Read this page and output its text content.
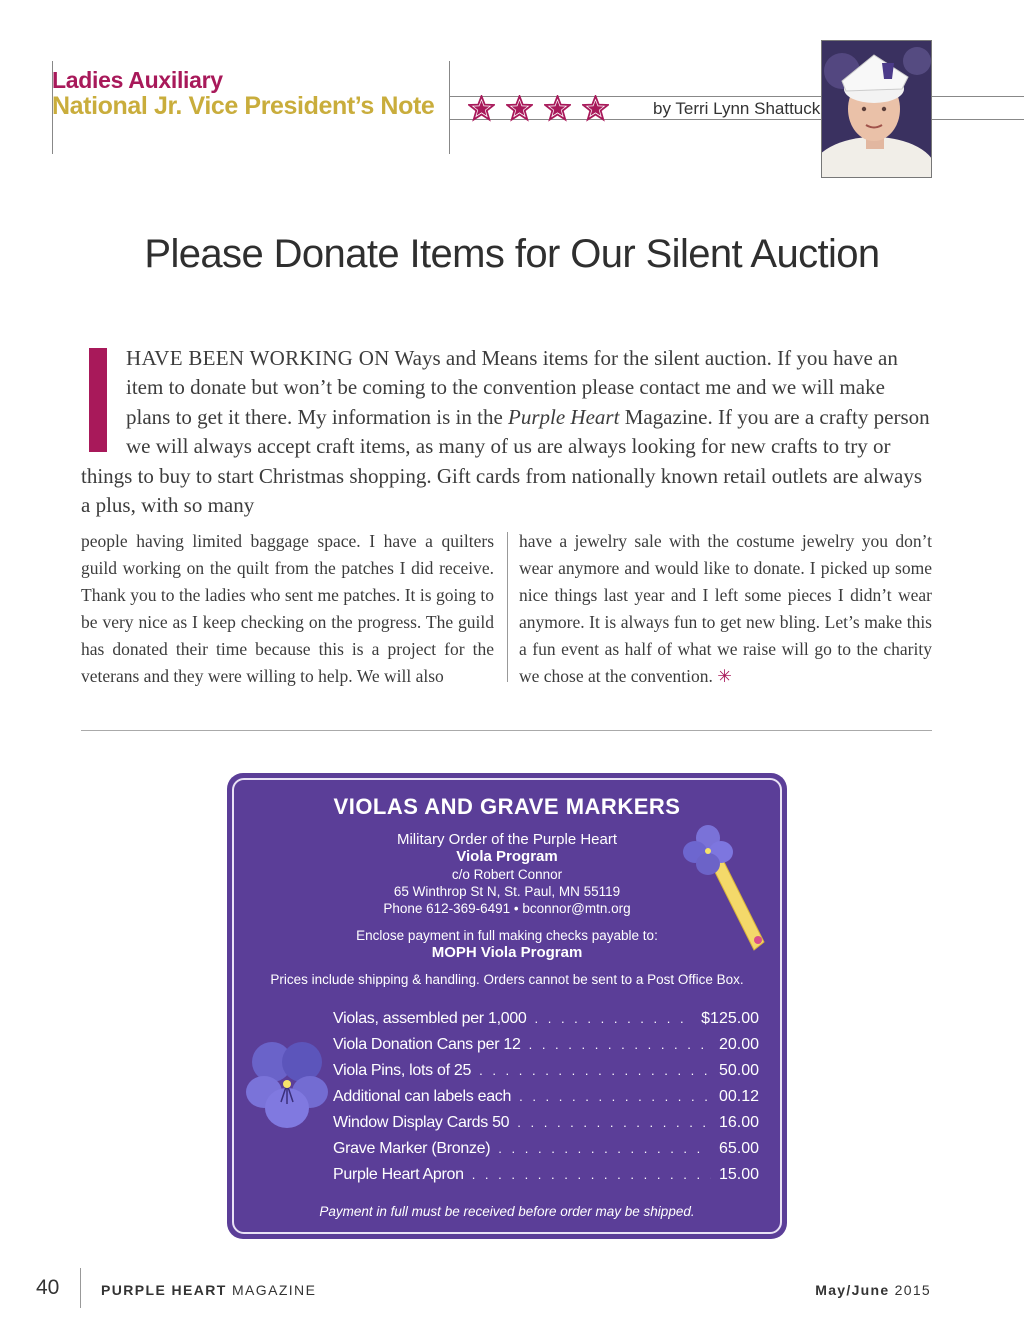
Ladies Auxiliary
National Jr. Vice President’s Note	by Terri Lynn Shattuck
Please Donate Items for Our Silent Auction
HAVE BEEN WORKING ON Ways and Means items for the silent auction. If you have an item to donate but won’t be coming to the convention please contact me and we will make plans to get it there. My information is in the Purple Heart Magazine. If you are a crafty person we will always accept craft items, as many of us are always looking for new crafts to try or things to buy to start Christmas shopping. Gift cards from nationally known retail outlets are always a plus, with so many
people having limited baggage space. I have a quilters guild working on the quilt from the patches I did receive. Thank you to the ladies who sent me patches. It is going to be very nice as I keep checking on the progress. The guild has donated their time because this is a project for the veterans and they were willing to help. We will also
have a jewelry sale with the costume jewelry you don’t wear anymore and would like to donate. I picked up some nice things last year and I left some pieces I didn’t wear anymore. It is always fun to get new bling. Let’s make this a fun event as half of what we raise will go to the charity we chose at the convention. ✳
VIOLAS AND GRAVE MARKERS
Military Order of the Purple Heart
Viola Program
c/o Robert Connor
65 Winthrop St N, St. Paul, MN 55119
Phone 612-369-6491 • bconnor@mtn.org
Enclose payment in full making checks payable to:
MOPH Viola Program
Prices include shipping & handling. Orders cannot be sent to a Post Office Box.
Violas, assembled per 1,000 . . .	$125.00
Viola Donation Cans per 12 . . .	20.00
Viola Pins, lots of 25 . . .	50.00
Additional can labels each . . .	00.12
Window Display Cards 50 . . .	16.00
Grave Marker (Bronze) . . .	65.00
Purple Heart Apron . . .	15.00
Payment in full must be received before order may be shipped.
40	PURPLE HEART MAGAZINE	May/June 2015
